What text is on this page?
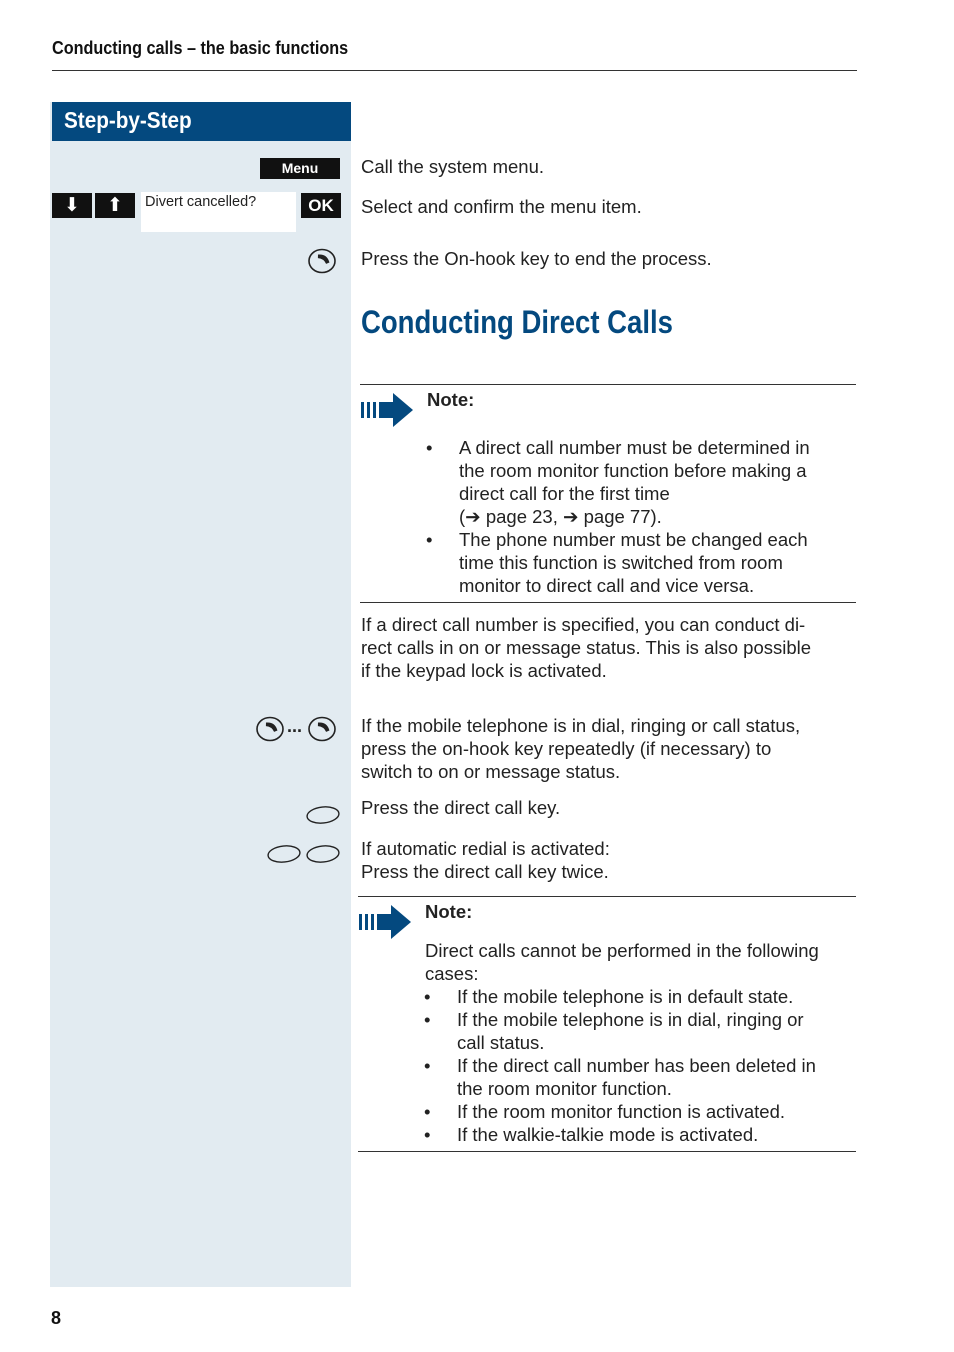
Conducting calls – the basic functions
Step-by-Step
Menu	Call the system menu.
⬇	⬆	Divert cancelled?	OK	Select and confirm the menu item.
Press the On-hook key to end the process.
Conducting Direct Calls
Note:
• A direct call number must be determined in
the room monitor function before making a
direct call for the first time
(➔ page 23, ➔ page 77).
• The phone number must be changed each
time this function is switched from room
monitor to direct call and vice versa.
If a direct call number is specified, you can conduct di-
rect calls in on or message status. This is also possible
if the keypad lock is activated.
...	If the mobile telephone is in dial, ringing or call status,
press the on-hook key repeatedly (if necessary) to
switch to on or message status.
Press the direct call key.
If automatic redial is activated:
Press the direct call key twice.
Note:
Direct calls cannot be performed in the following
cases:
• If the mobile telephone is in default state.
• If the mobile telephone is in dial, ringing or
call status.
• If the direct call number has been deleted in
the room monitor function.
• If the room monitor function is activated.
• If the walkie-talkie mode is activated.
8
